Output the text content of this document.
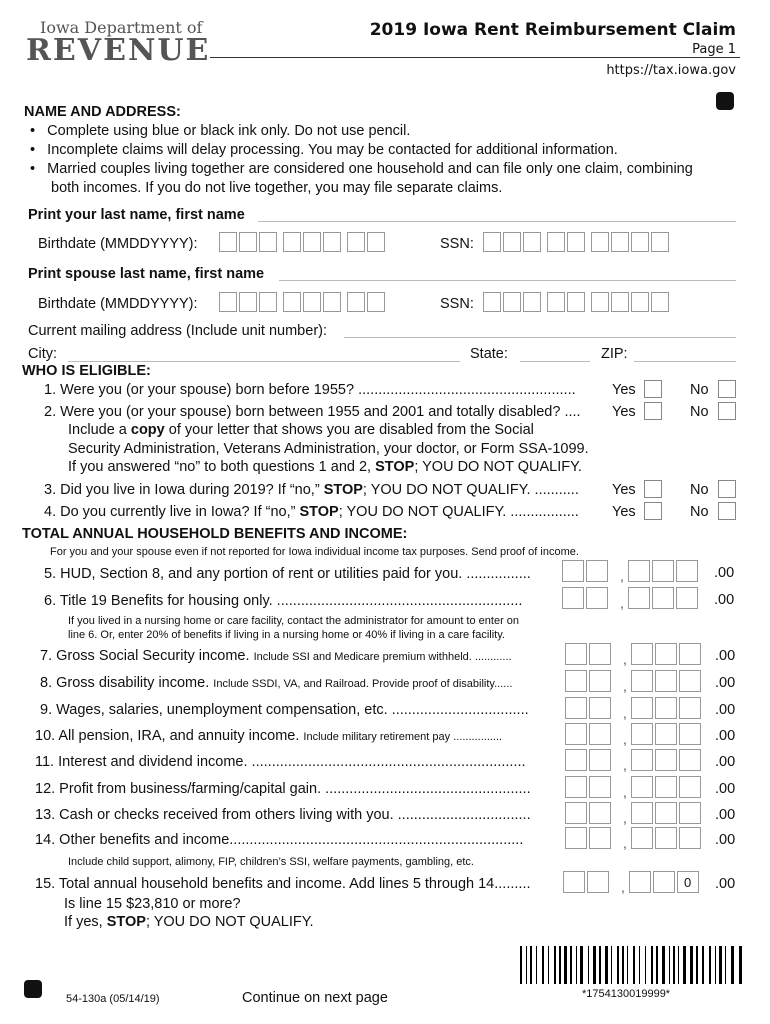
Iowa Department of
REVENUE
2019 Iowa Rent Reimbursement Claim
Page 1
https://tax.iowa.gov
NAME AND ADDRESS:
•   Complete using blue or black ink only. Do not use pencil.
•   Incomplete claims will delay processing. You may be contacted for additional information.
•   Married couples living together are considered one household and can file only one claim, combining
both incomes. If you do not live together, you may file separate claims.
Print your last name, first name
Birthdate (MMDDYYYY):	SSN:
Print spouse last name, first name
Birthdate (MMDDYYYY):	SSN:
Current mailing address (Include unit number):
City:	State:	ZIP:
WHO IS ELIGIBLE:
1. Were you (or your spouse) born before 1955? ......................................................	Yes	No
2. Were you (or your spouse) born between 1955 and 2001 and totally disabled? .... Yes	No
Include a copy of your letter that shows you are disabled from the Social
Security Administration, Veterans Administration, your doctor, or Form SSA-1099.
If you answered “no” to both questions 1 and 2, STOP; YOU DO NOT QUALIFY.
3. Did you live in Iowa during 2019? If “no,” STOP; YOU DO NOT QUALIFY. ........... Yes	No
4. Do you currently live in Iowa? If “no,” STOP; YOU DO NOT QUALIFY. ................. Yes	No
TOTAL ANNUAL HOUSEHOLD BENEFITS AND INCOME:
For you and your spouse even if not reported for Iowa individual income tax purposes. Send proof of income.
5. HUD, Section 8, and any portion of rent or utilities paid for you. ................	,	.00
6. Title 19 Benefits for housing only. .............................................................	,	.00
If you lived in a nursing home or care facility, contact the administrator for amount to enter on
line 6. Or, enter 20% of benefits if living in a nursing home or 40% if living in a care facility.
7. Gross Social Security income. Include SSI and Medicare premium withheld. ............	,	.00
8. Gross disability income. Include SSDI, VA, and Railroad. Provide proof of disability......	,	.00
9. Wages, salaries, unemployment compensation, etc. ..................................	,	.00
10. All pension, IRA, and annuity income. Include military retirement pay ................	,	.00
11. Interest and dividend income. ....................................................................	,	.00
12. Profit from business/farming/capital gain. ...................................................	,	.00
13. Cash or checks received from others living with you. .................................	,	.00
14. Other benefits and income.........................................................................	,	.00
Include child support, alimony, FIP, children’s SSI, welfare payments, gambling, etc.
15. Total annual household benefits and income. Add lines 5 through 14.........	,	0 .00
Is line 15 $23,810 or more?
If yes, STOP; YOU DO NOT QUALIFY.
54-130a (05/14/19)	Continue on next page	*1754130019999*
